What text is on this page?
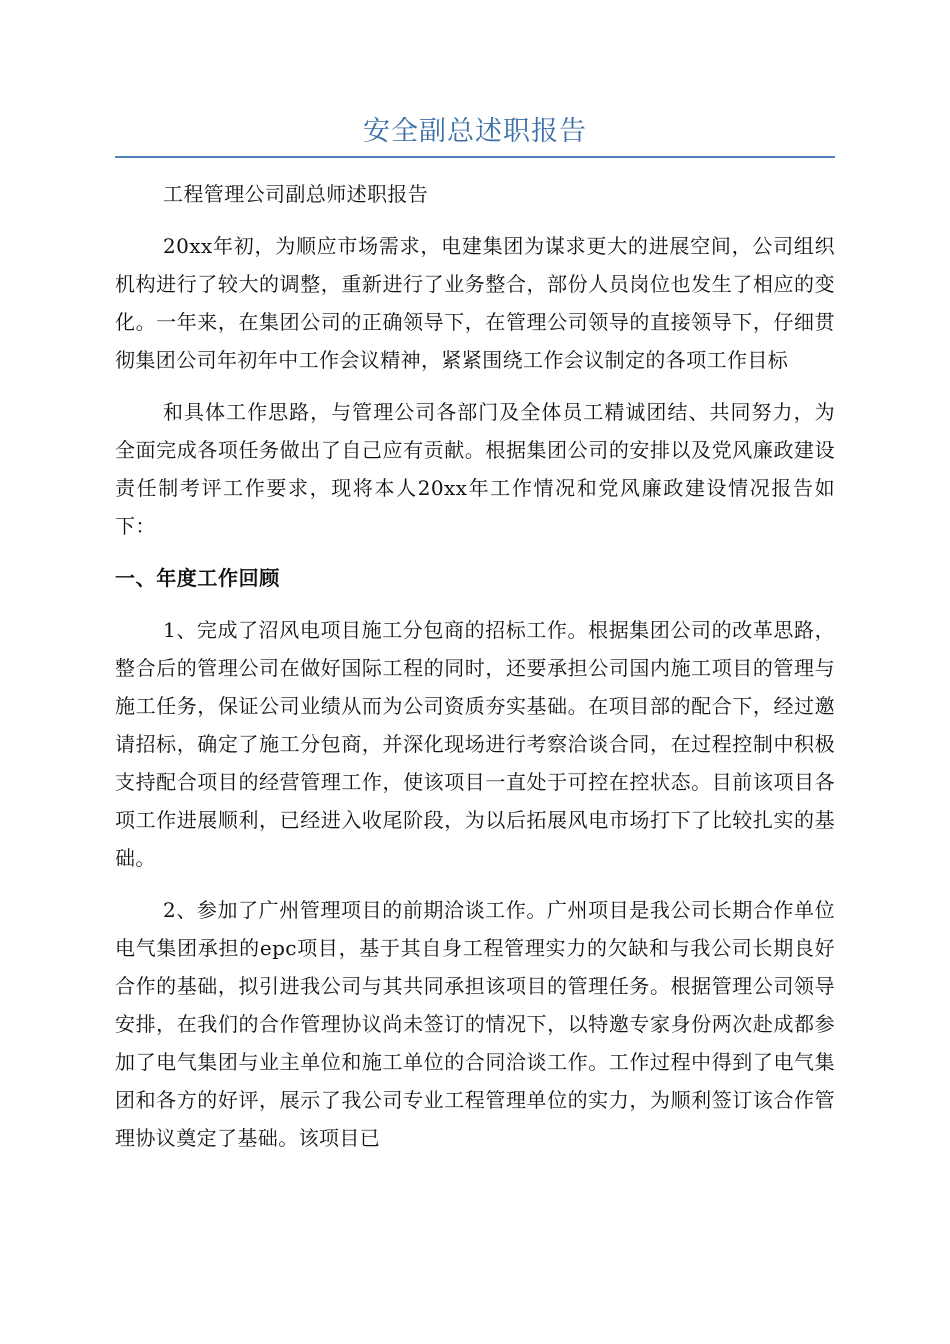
安全副总述职报告

工程管理公司副总师述职报告

20xx年初，为顺应市场需求，电建集团为谋求更大的进展空间，公司组织机构进行了较大的调整，重新进行了业务整合，部份人员岗位也发生了相应的变化。一年来，在集团公司的正确领导下，在管理公司领导的直接领导下，仔细贯彻集团公司年初年中工作会议精神，紧紧围绕工作会议制定的各项工作目标

和具体工作思路，与管理公司各部门及全体员工精诚团结、共同努力，为全面完成各项任务做出了自己应有贡献。根据集团公司的安排以及党风廉政建设责任制考评工作要求，现将本人20xx年工作情况和党风廉政建设情况报告如下：

一、年度工作回顾

1、完成了沼风电项目施工分包商的招标工作。根据集团公司的改革思路，整合后的管理公司在做好国际工程的同时，还要承担公司国内施工项目的管理与施工任务，保证公司业绩从而为公司资质夯实基础。在项目部的配合下，经过邀请招标，确定了施工分包商，并深化现场进行考察洽谈合同，在过程控制中积极支持配合项目的经营管理工作，使该项目一直处于可控在控状态。目前该项目各项工作进展顺利，已经进入收尾阶段，为以后拓展风电市场打下了比较扎实的基础。

2、参加了广州管理项目的前期洽谈工作。广州项目是我公司长期合作单位电气集团承担的epc项目，基于其自身工程管理实力的欠缺和与我公司长期良好合作的基础，拟引进我公司与其共同承担该项目的管理任务。根据管理公司领导安排，在我们的合作管理协议尚未签订的情况下，以特邀专家身份两次赴成都参加了电气集团与业主单位和施工单位的合同洽谈工作。工作过程中得到了电气集团和各方的好评，展示了我公司专业工程管理单位的实力，为顺利签订该合作管理协议奠定了基础。该项目已
